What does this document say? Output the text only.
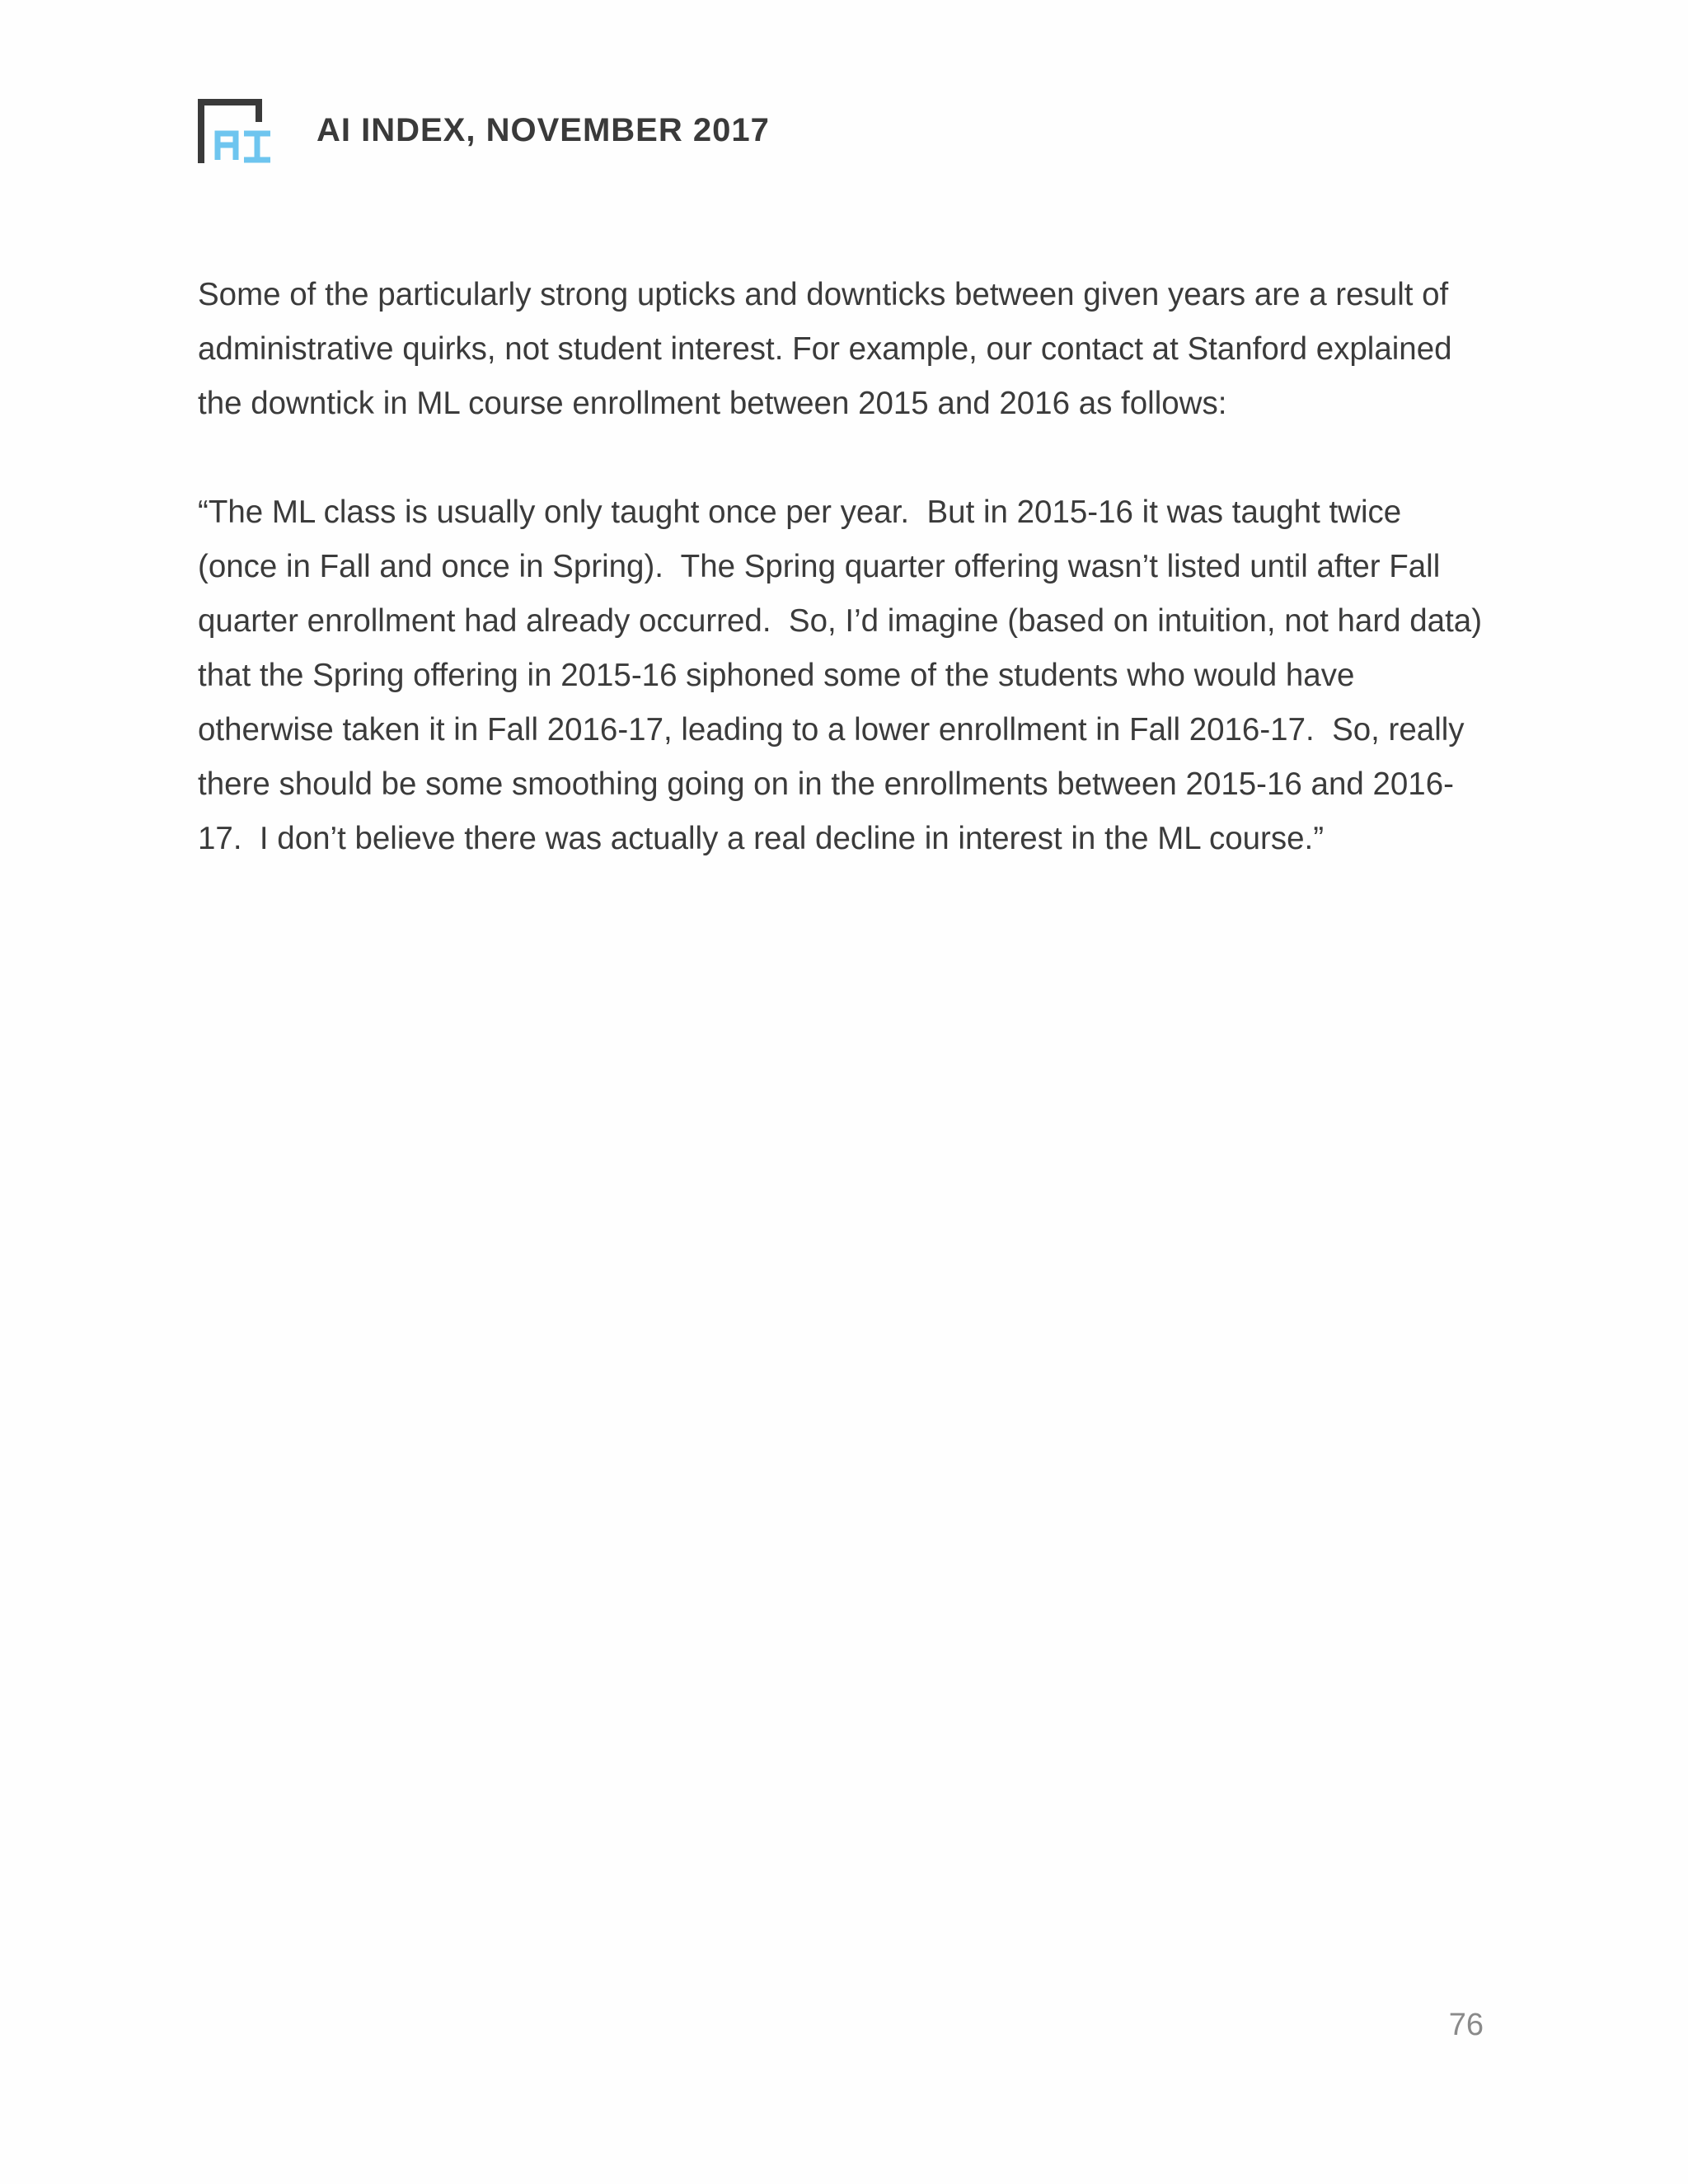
AI
AI INDEX, NOVEMBER 2017

Some of the particularly strong upticks and downticks between given years are a result of administrative quirks, not student interest. For example, our contact at Stanford explained the downtick in ML course enrollment between 2015 and 2016 as follows:

“The ML class is usually only taught once per year.  But in 2015-16 it was taught twice (once in Fall and once in Spring).  The Spring quarter offering wasn’t listed until after Fall quarter enrollment had already occurred.  So, I’d imagine (based on intuition, not hard data) that the Spring offering in 2015-16 siphoned some of the students who would have otherwise taken it in Fall 2016-17, leading to a lower enrollment in Fall 2016-17.  So, really there should be some smoothing going on in the enrollments between 2015-16 and 2016-17.  I don’t believe there was actually a real decline in interest in the ML course.”

76
